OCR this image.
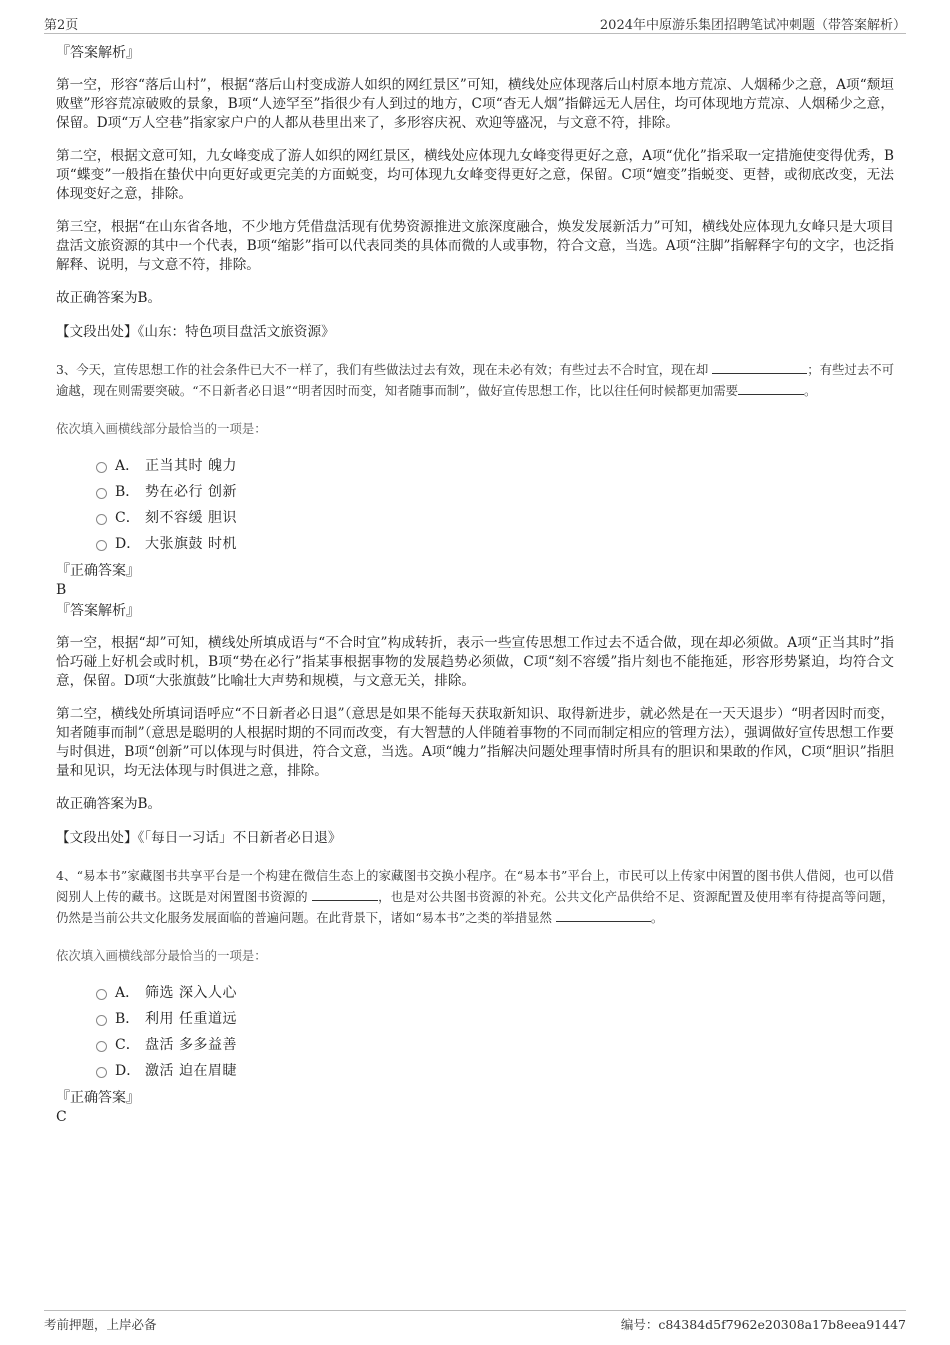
第2页	2024年中原游乐集团招聘笔试冲刺题（带答案解析）
『答案解析』

第一空，形容“落后山村”，根据“落后山村变成游人如织的网红景区”可知，横线处应体现落后山村原本地方荒凉、人烟稀少之意，A项“颓垣败壁”形容荒凉破败的景象，B项“人迹罕至”指很少有人到过的地方，C项“杳无人烟”指僻远无人居住，均可体现地方荒凉、人烟稀少之意，保留。D项“万人空巷”指家家户户的人都从巷里出来了，多形容庆祝、欢迎等盛况，与文意不符，排除。

第二空，根据文意可知，九女峰变成了游人如织的网红景区，横线处应体现九女峰变得更好之意，A项“优化”指采取一定措施使变得优秀，B项“蝶变”一般指在蛰伏中向更好或更完美的方面蜕变，均可体现九女峰变得更好之意，保留。C项“嬗变”指蜕变、更替，或彻底改变，无法体现变好之意，排除。

第三空，根据“在山东省各地，不少地方凭借盘活现有优势资源推进文旅深度融合，焕发发展新活力”可知，横线处应体现九女峰只是大项目盘活文旅资源的其中一个代表，B项“缩影”指可以代表同类的具体而微的人或事物，符合文意，当选。A项“注脚”指解释字句的文字，也泛指解释、说明，与文意不符，排除。

故正确答案为B。

【文段出处】《山东：特色项目盘活文旅资源》

3、今天，宣传思想工作的社会条件已大不一样了，我们有些做法过去有效，现在未必有效；有些过去不合时宜，现在却	；有些过去不可逾越，现在则需要突破。“不日新者必日退”“明者因时而变，知者随事而制”，做好宣传思想工作，比以往任何时候都更加需要	。

依次填入画横线部分最恰当的一项是：

A． 正当其时 魄力
B． 势在必行 创新
C． 刻不容缓 胆识
D． 大张旗鼓 时机
『正确答案』
B
『答案解析』

第一空，根据“却”可知，横线处所填成语与“不合时宜”构成转折，表示一些宣传思想工作过去不适合做，现在却必须做。A项“正当其时”指恰巧碰上好机会或时机，B项“势在必行”指某事根据事物的发展趋势必须做，C项“刻不容缓”指片刻也不能拖延，形容形势紧迫，均符合文意，保留。D项“大张旗鼓”比喻壮大声势和规模，与文意无关，排除。

第二空，横线处所填词语呼应“不日新者必日退”（意思是如果不能每天获取新知识、取得新进步，就必然是在一天天退步）“明者因时而变，知者随事而制”（意思是聪明的人根据时期的不同而改变，有大智慧的人伴随着事物的不同而制定相应的管理方法），强调做好宣传思想工作要与时俱进，B项“创新”可以体现与时俱进，符合文意，当选。A项“魄力”指解决问题处理事情时所具有的胆识和果敢的作风，C项“胆识”指胆量和见识，均无法体现与时俱进之意，排除。

故正确答案为B。

【文段出处】《「每日一习话」不日新者必日退》

4、“易本书”家藏图书共享平台是一个构建在微信生态上的家藏图书交换小程序。在“易本书”平台上，市民可以上传家中闲置的图书供人借阅，也可以借阅别人上传的藏书。这既是对闲置图书资源的	，也是对公共图书资源的补充。公共文化产品供给不足、资源配置及使用率有待提高等问题，仍然是当前公共文化服务发展面临的普遍问题。在此背景下，诸如“易本书”之类的举措显然	。

依次填入画横线部分最恰当的一项是：

A． 筛选 深入人心
B． 利用 任重道远
C． 盘活 多多益善
D． 激活 迫在眉睫
『正确答案』
C
考前押题，上岸必备	编号：c84384d5f7962e20308a17b8eea91447
